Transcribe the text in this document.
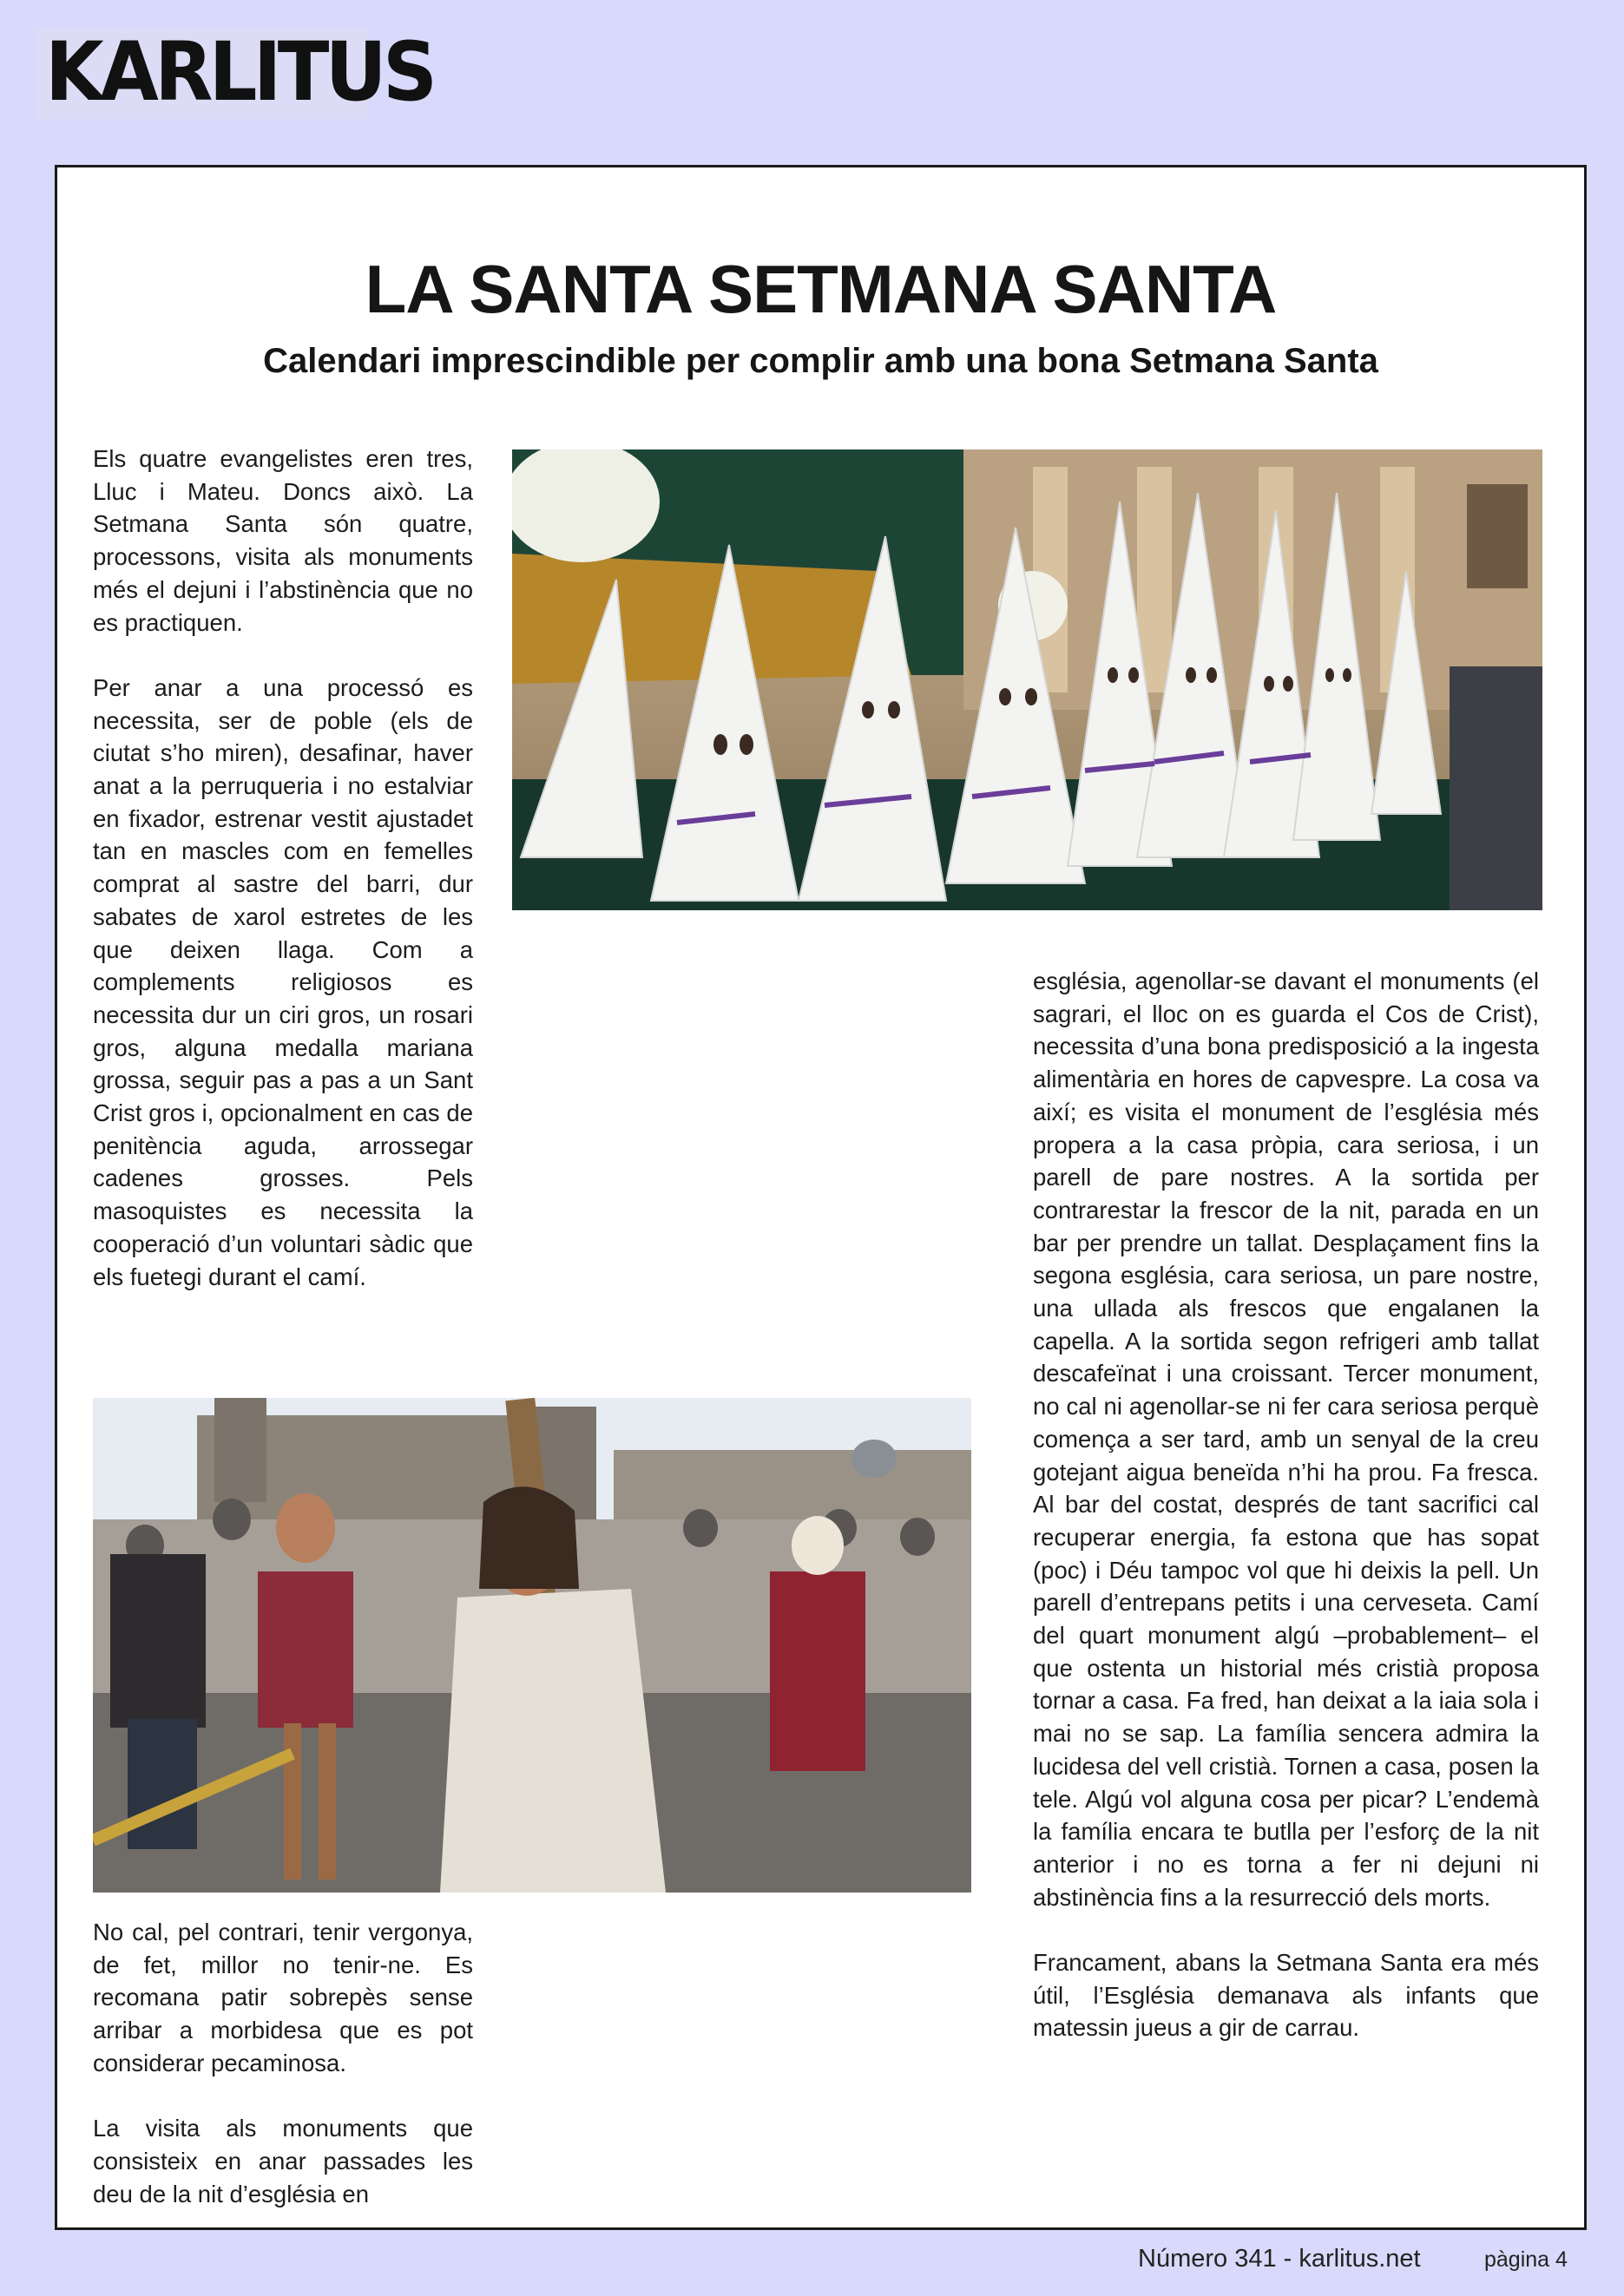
KARLITUS
LA SANTA SETMANA SANTA
Calendari imprescindible per complir amb una bona Setmana Santa

Els quatre evangelistes eren tres, Lluc i Mateu. Doncs això. La Setmana Santa són quatre, processons, visita als monuments més el dejuni i l’abstinència que no es practiquen.

Per anar a una processó es necessita, ser de poble (els de ciutat s’ho miren), desafinar, haver anat a la perruqueria i no estalviar en fixador, estrenar vestit ajustadet tan en mascles com en femelles comprat al sastre del barri, dur sabates de xarol estretes de les que deixen llaga. Com a complements religiosos es necessita dur un ciri gros, un rosari gros, alguna medalla mariana grossa, seguir pas a pas a un Sant Crist gros i, opcionalment en cas de penitència aguda, arrossegar cadenes grosses. Pels masoquistes es necessita la cooperació d’un voluntari sàdic que els fuetegi durant el camí.

No cal, pel contrari, tenir vergonya, de fet, millor no tenir-ne. Es recomana patir sobrepès sense arribar a morbidesa que es pot considerar pecaminosa.

La visita als monuments que consisteix en anar passades les deu de la nit d’església en

església, agenollar-se davant el monuments (el sagrari, el lloc on es guarda el Cos de Crist), necessita d’una bona predisposició a la ingesta alimentària en hores de capvespre. La cosa va així; es visita el monument de l’església més propera a la casa pròpia, cara seriosa, i un parell de pare nostres. A la sortida per contrarestar la frescor de la nit, parada en un bar per prendre un tallat. Desplaçament fins la segona església, cara seriosa, un pare nostre, una ullada als frescos que engalanen la capella. A la sortida segon refrigeri amb tallat descafeïnat i una croissant. Tercer monument, no cal ni agenollar-se ni fer cara seriosa perquè comença a ser tard, amb un senyal de la creu gotejant aigua beneïda n’hi ha prou. Fa fresca. Al bar del costat, després de tant sacrifici cal recuperar energia, fa estona que has sopat (poc) i Déu tampoc vol que hi deixis la pell. Un parell d’entrepans petits i una cerveseta. Camí del quart monument algú –probablement– el que ostenta un historial més cristià proposa tornar a casa. Fa fred, han deixat a la iaia sola i mai no se sap. La família sencera admira la lucidesa del vell cristià. Tornen a casa, posen la tele. Algú vol alguna cosa per picar? L’endemà la família encara te butlla per l’esforç de la nit anterior i no es torna a fer ni dejuni ni abstinència fins a la resurrecció dels morts.

Francament, abans la Setmana Santa era més útil, l’Església demanava als infants que matessin jueus a gir de carrau.

Número 341 - karlitus.net	pàgina 4
